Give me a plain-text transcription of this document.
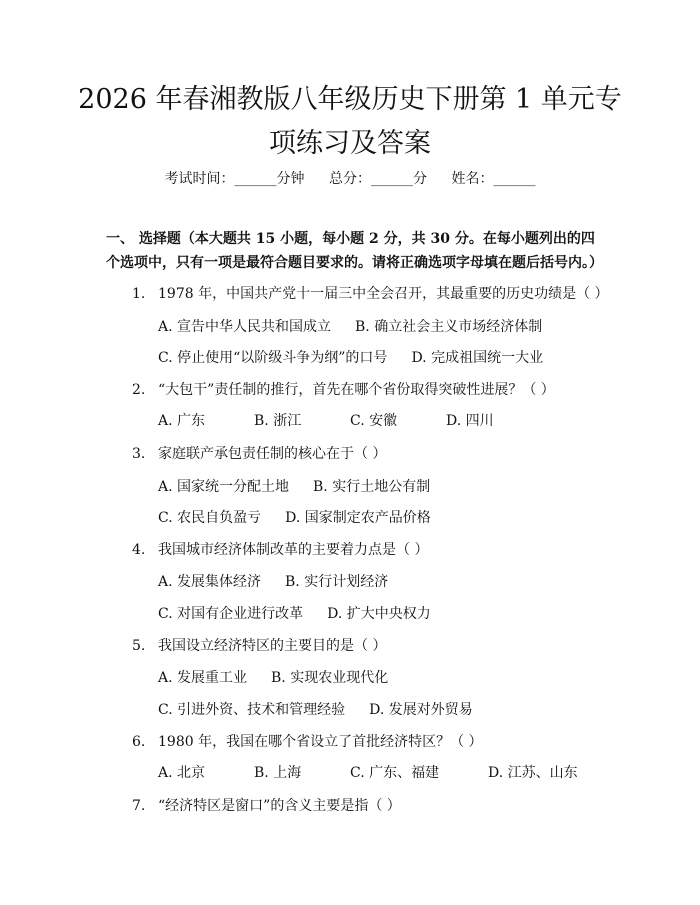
2026 年春湘教版八年级历史下册第 1 单元专
项练习及答案
考试时间：______分钟 总分：______分 姓名：______

一、 选择题（本大题共 15 小题，每小题 2 分，共 30 分。在每小题列出的四个选项中，只有一项是最符合题目要求的。请将正确选项字母填在题后括号内。）

1. 1978 年，中国共产党十一届三中全会召开，其最重要的历史功绩是（ ）
A. 宣告中华人民共和国成立 B. 确立社会主义市场经济体制
C. 停止使用“以阶级斗争为纲”的口号 D. 完成祖国统一大业
2. “大包干”责任制的推行，首先在哪个省份取得突破性进展？（ ）
A. 广东	B. 浙江	C. 安徽	D. 四川
3. 家庭联产承包责任制的核心在于（ ）
A. 国家统一分配土地 B. 实行土地公有制
C. 农民自负盈亏 D. 国家制定农产品价格
4. 我国城市经济体制改革的主要着力点是（ ）
A. 发展集体经济 B. 实行计划经济
C. 对国有企业进行改革 D. 扩大中央权力
5. 我国设立经济特区的主要目的是（ ）
A. 发展重工业 B. 实现农业现代化
C. 引进外资、技术和管理经验 D. 发展对外贸易
6. 1980 年，我国在哪个省设立了首批经济特区？（ ）
A. 北京	B. 上海	C. 广东、福建	D. 江苏、山东
7. “经济特区是窗口”的含义主要是指（ ）
